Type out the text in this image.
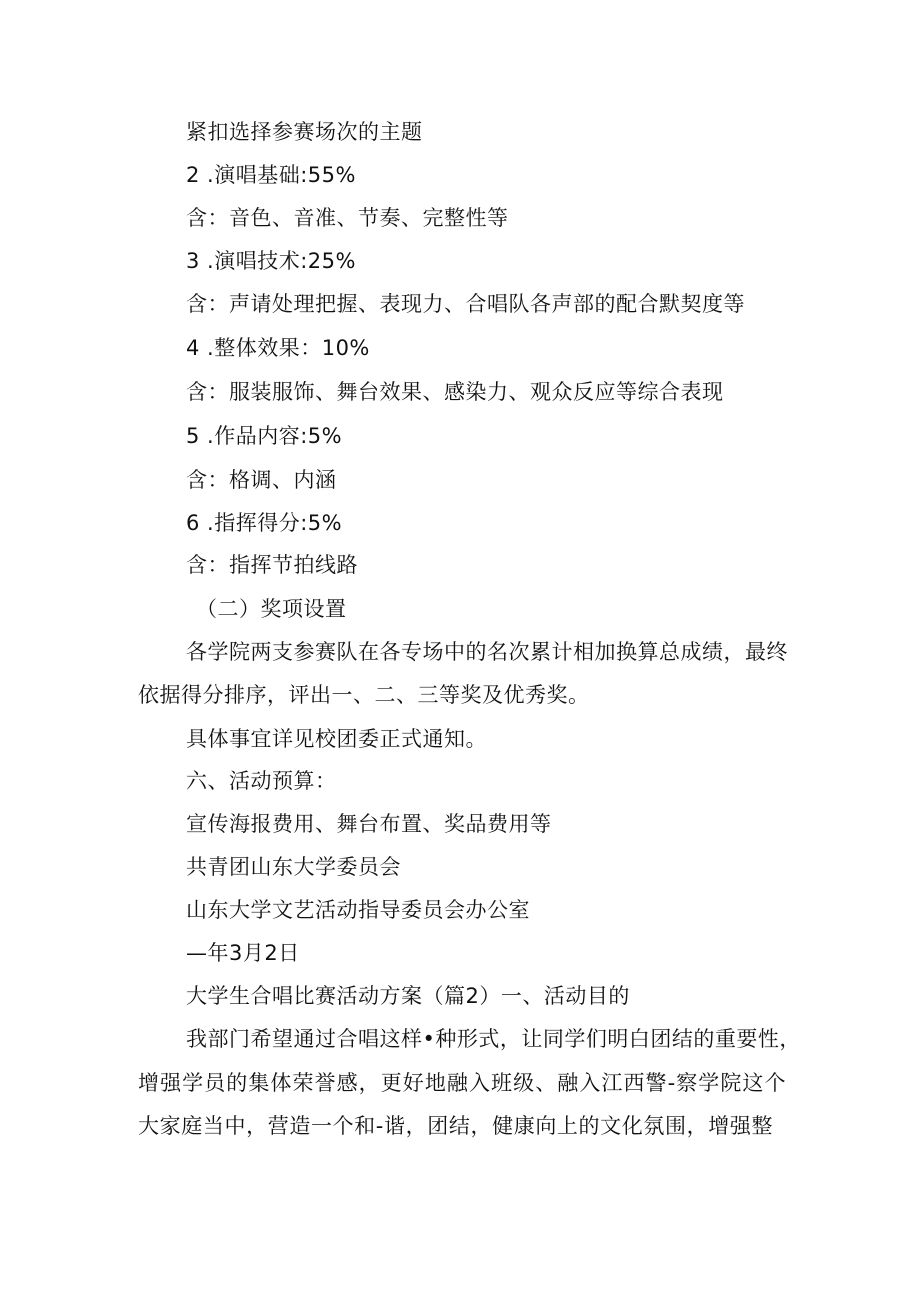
紧扣选择参赛场次的主题
2 .演唱基础:55%
含：音色、音准、节奏、完整性等
3 .演唱技术:25%
含：声请处理把握、表现力、合唱队各声部的配合默契度等
4 .整体效果：10%
含：服装服饰、舞台效果、感染力、观众反应等综合表现
5 .作品内容:5%
含：格调、内涵
6 .指挥得分:5%
含：指挥节拍线路
（二）奖项设置
各学院两支参赛队在各专场中的名次累计相加换算总成绩，最终
依据得分排序，评出一、二、三等奖及优秀奖。
具体事宜详见校团委正式通知。
六、活动预算：
宣传海报费用、舞台布置、奖品费用等
共青团山东大学委员会
山东大学文艺活动指导委员会办公室
—年3月2日
大学生合唱比赛活动方案（篇2）一、活动目的
我部门希望通过合唱这样•种形式，让同学们明白团结的重要性，
增强学员的集体荣誉感，更好地融入班级、融入江西警-察学院这个
大家庭当中，营造一个和-谐，团结，健康向上的文化氛围，增强整
